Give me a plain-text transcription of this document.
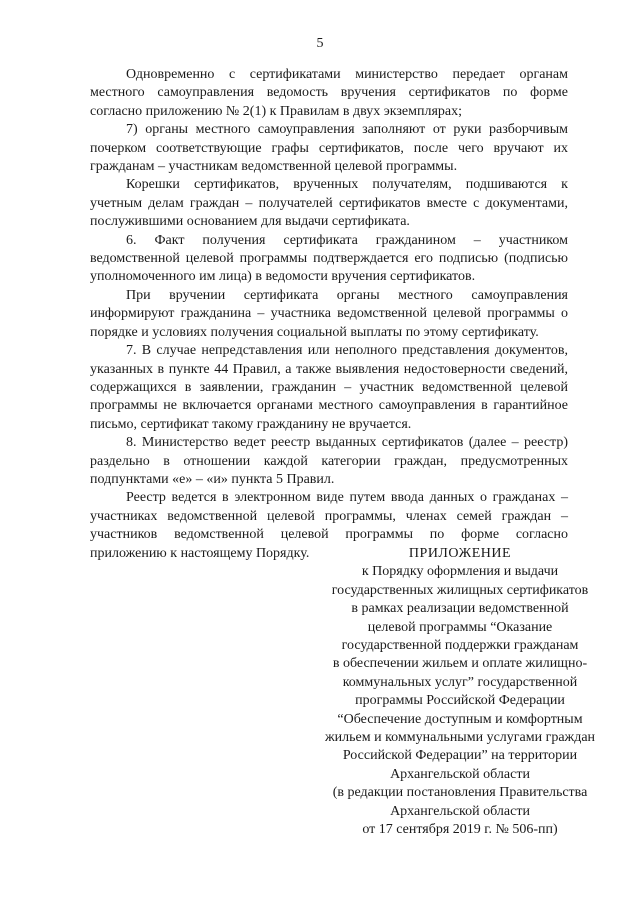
5

Одновременно с сертификатами министерство передает органам местного самоуправления ведомость вручения сертификатов по форме согласно приложению № 2(1) к Правилам в двух экземплярах;

7) органы местного самоуправления заполняют от руки разборчивым почерком соответствующие графы сертификатов, после чего вручают их гражданам – участникам ведомственной целевой программы.

Корешки сертификатов, врученных получателям, подшиваются к учетным делам граждан – получателей сертификатов вместе с документами, послужившими основанием для выдачи сертификата.

6. Факт получения сертификата гражданином – участником ведомственной целевой программы подтверждается его подписью (подписью уполномоченного им лица) в ведомости вручения сертификатов.

При вручении сертификата органы местного самоуправления информируют гражданина – участника ведомственной целевой программы о порядке и условиях получения социальной выплаты по этому сертификату.

7. В случае непредставления или неполного представления документов, указанных в пункте 44 Правил, а также выявления недостоверности сведений, содержащихся в заявлении, гражданин – участник ведомственной целевой программы не включается органами местного самоуправления в гарантийное письмо, сертификат такому гражданину не вручается.

8. Министерство ведет реестр выданных сертификатов (далее – реестр) раздельно в отношении каждой категории граждан, предусмотренных подпунктами «е» – «и» пункта 5 Правил.

Реестр ведется в электронном виде путем ввода данных о гражданах – участниках ведомственной целевой программы, членах семей граждан – участников ведомственной целевой программы по форме согласно приложению к настоящему Порядку.	ПРИЛОЖЕНИЕ

к Порядку оформления и выдачи

государственных жилищных сертификатов

в рамках реализации ведомственной

целевой программы “Оказание

государственной поддержки гражданам

в обеспечении жильем и оплате жилищно-

коммунальных услуг” государственной

программы Российской Федерации

“Обеспечение доступным и комфортным

жильем и коммунальными услугами граждан

Российской Федерации” на территории

Архангельской области

(в редакции постановления Правительства

Архангельской области

от 17 сентября 2019 г. № 506-пп)
